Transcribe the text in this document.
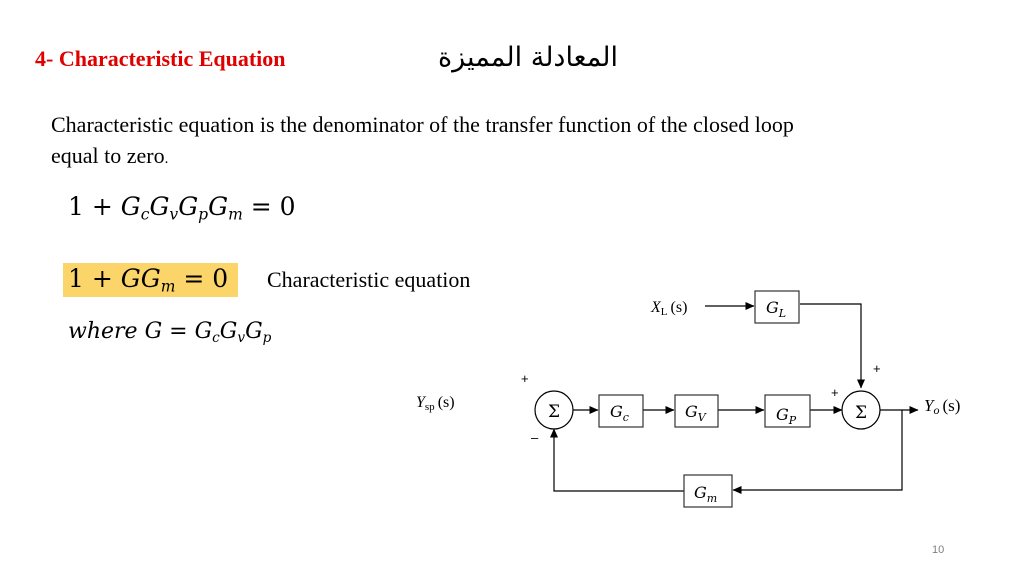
4- Characteristic Equation	المعادلة المميزة
Characteristic equation is the denominator of the transfer function of the closed loop
equal to zero.
$1 + G_cG_vG_pG_m = 0$
$1 + GG_m = 0$ Characteristic equation
where $G = G_cG_vG_p$
$G_L$
$G_c$	$G_V$	$G_P$
$G_m$
Σ	Σ
XL (s)
Ysp (s)	Yo (s)
+
–
+
+
10
